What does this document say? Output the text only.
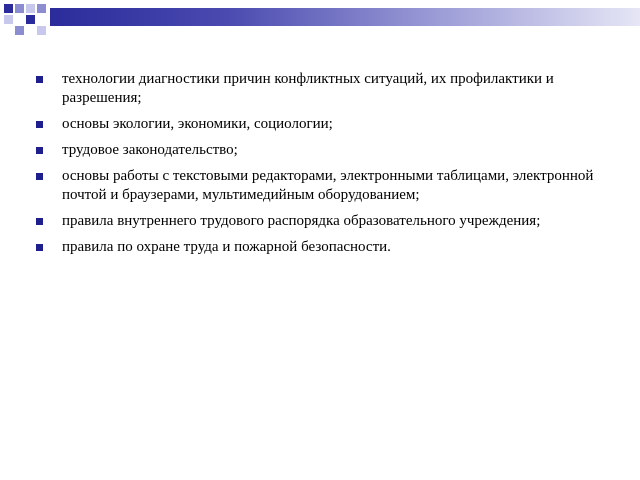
технологии диагностики причин конфликтных ситуаций, их профилактики и разрешения;
основы экологии, экономики, социологии;
трудовое законодательство;
основы работы с текстовыми редакторами, электронными таблицами, электронной почтой и браузерами, мультимедийным оборудованием;
правила внутреннего трудового распорядка образовательного учреждения;
правила по охране труда и пожарной безопасности.
